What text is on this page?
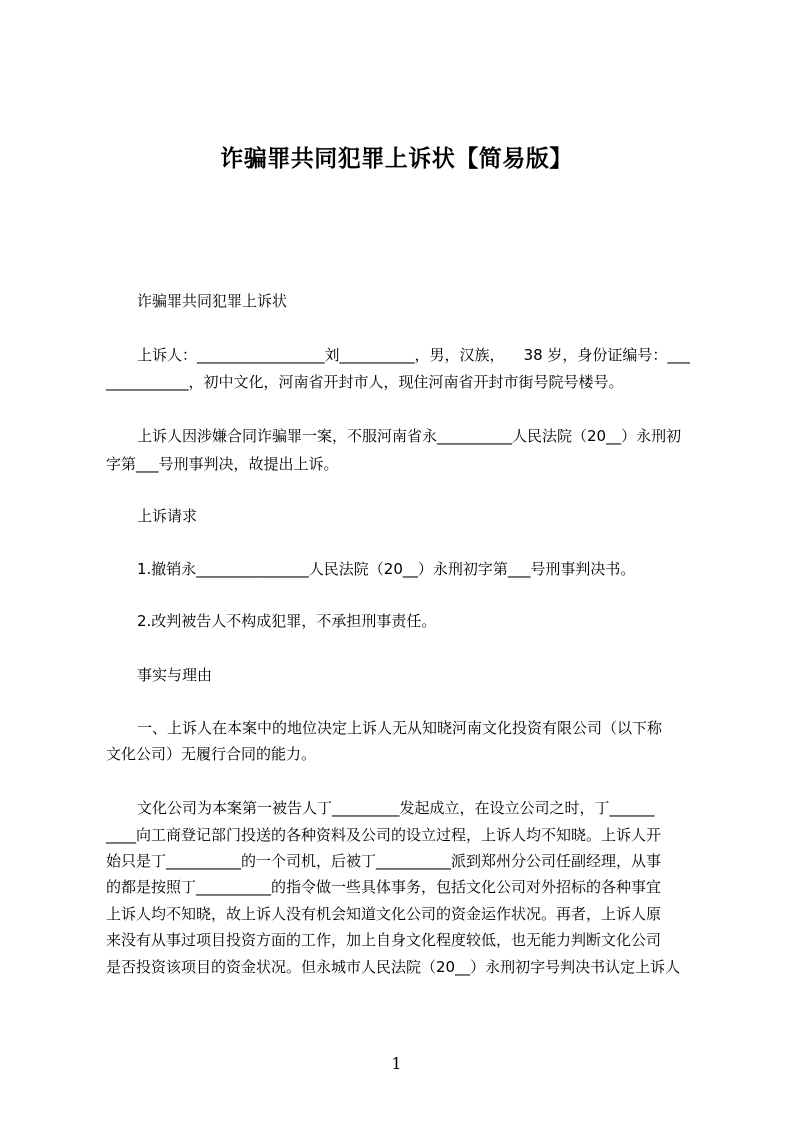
诈骗罪共同犯罪上诉状【简易版】
诈骗罪共同犯罪上诉状
上诉人：_________________刘__________，男，汉族，    38 岁，身份证编号：___
___________，初中文化，河南省开封市人，现住河南省开封市街号院号楼号。
上诉人因涉嫌合同诈骗罪一案，不服河南省永__________人民法院（20__）永刑初
字第___号刑事判决，故提出上诉。
上诉请求
1.撤销永_______________人民法院（20__）永刑初字第___号刑事判决书。
2.改判被告人不构成犯罪，不承担刑事责任。
事实与理由
一、上诉人在本案中的地位决定上诉人无从知晓河南文化投资有限公司（以下称
文化公司）无履行合同的能力。
文化公司为本案第一被告人丁_________发起成立，在设立公司之时，丁______
____向工商登记部门投送的各种资料及公司的设立过程，上诉人均不知晓。上诉人开
始只是丁__________的一个司机，后被丁__________派到郑州分公司任副经理，从事
的都是按照丁__________的指令做一些具体事务，包括文化公司对外招标的各种事宜
上诉人均不知晓，故上诉人没有机会知道文化公司的资金运作状况。再者，上诉人原
来没有从事过项目投资方面的工作，加上自身文化程度较低，也无能力判断文化公司
是否投资该项目的资金状况。但永城市人民法院（20__）永刑初字号判决书认定上诉人
1
